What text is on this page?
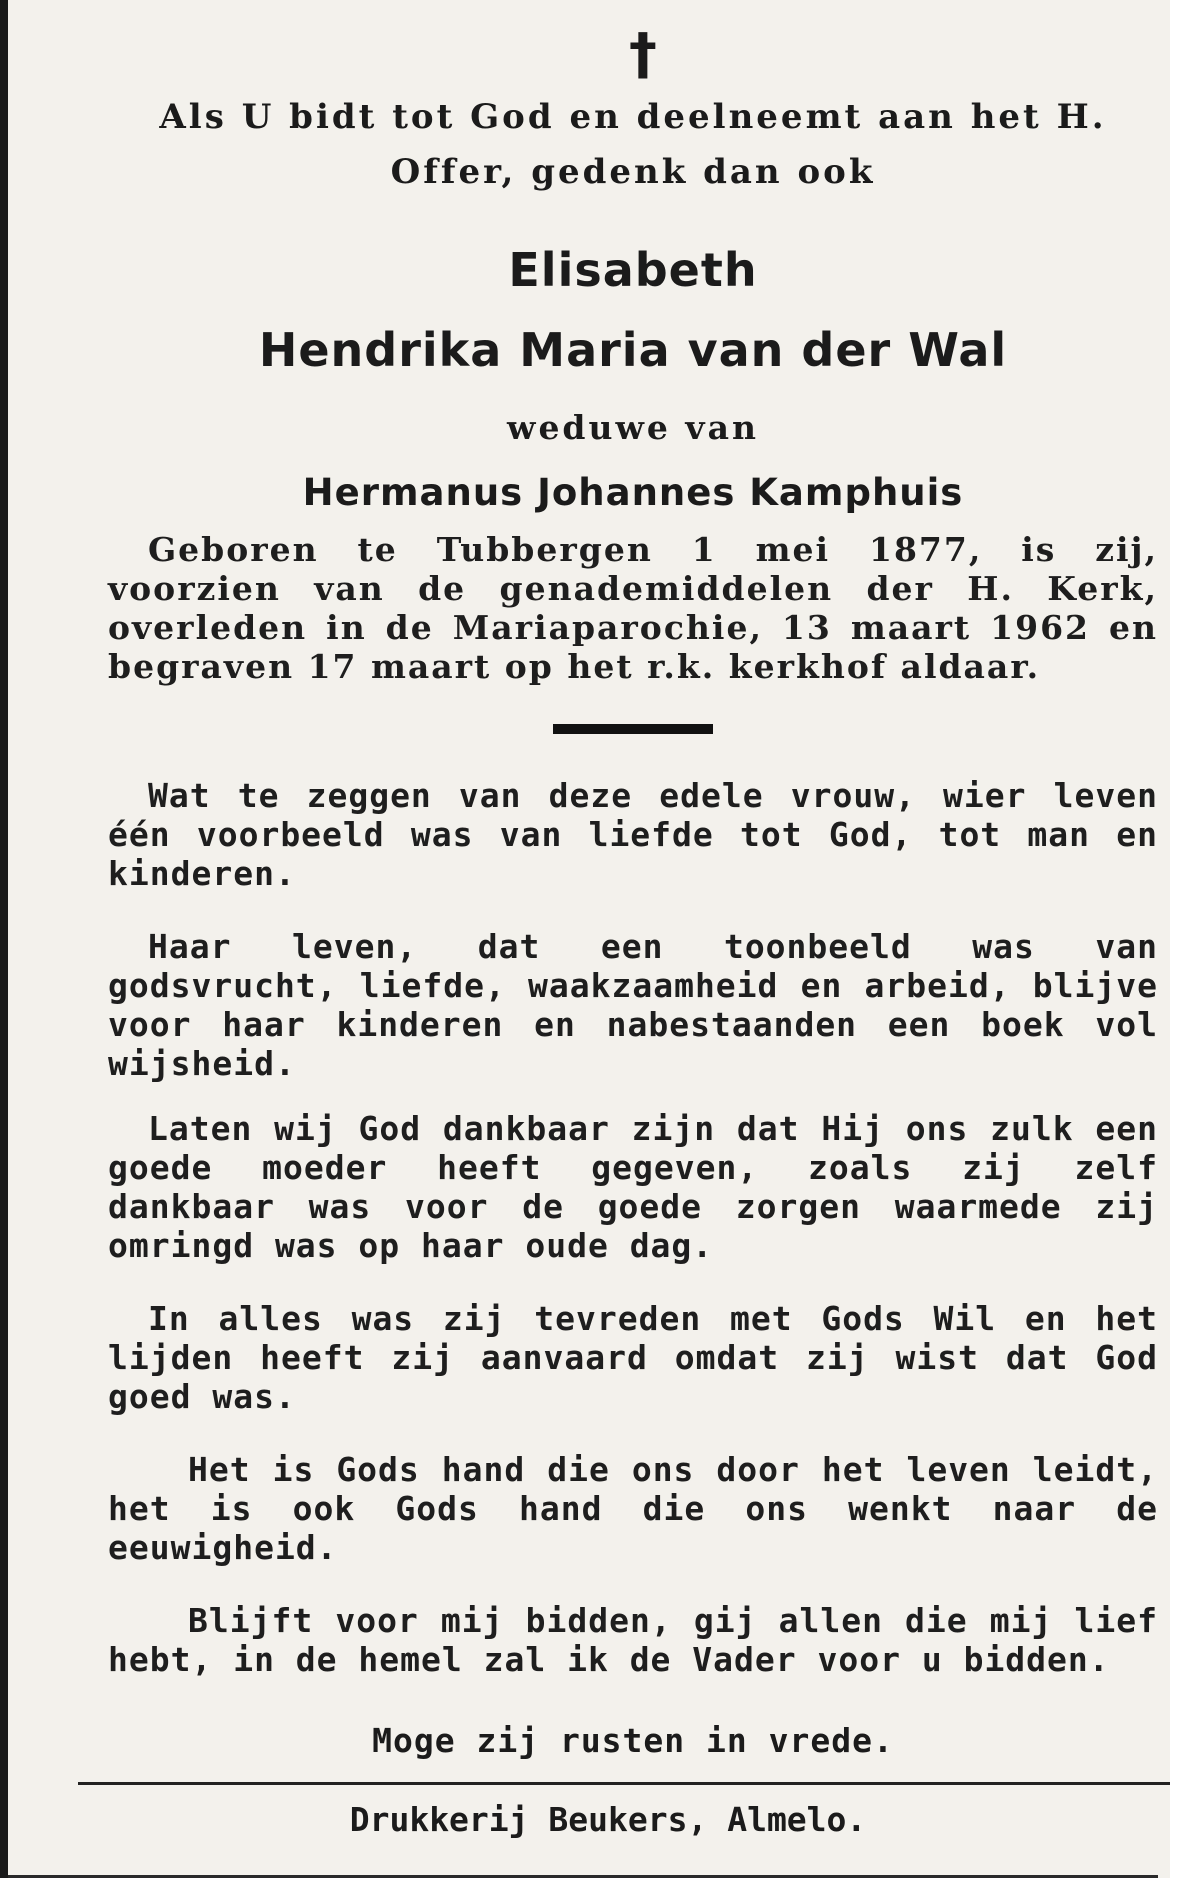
†
Als U bidt tot God en deelneemt aan het H.
Offer, gedenk dan ook
Elisabeth
Hendrika Maria van der Wal
weduwe van
Hermanus Johannes Kamphuis
Geboren te Tubbergen 1 mei 1877, is zij, voorzien van de genademiddelen der H. Kerk, overleden in de Mariaparochie, 13 maart 1962 en begraven 17 maart op het r.k. kerkhof aldaar.
Wat te zeggen van deze edele vrouw, wier leven één voorbeeld was van liefde tot God, tot man en kinderen.
Haar leven, dat een toonbeeld was van godsvrucht, liefde, waakzaamheid en arbeid, blijve voor haar kinderen en nabestaanden een boek vol wijsheid.
Laten wij God dankbaar zijn dat Hij ons zulk een goede moeder heeft gegeven, zoals zij zelf dankbaar was voor de goede zorgen waarmede zij omringd was op haar oude dag.
In alles was zij tevreden met Gods Wil en het lijden heeft zij aanvaard omdat zij wist dat God goed was.
Het is Gods hand die ons door het leven leidt, het is ook Gods hand die ons wenkt naar de eeuwigheid.
Blijft voor mij bidden, gij allen die mij lief hebt, in de hemel zal ik de Vader voor u bidden.
Moge zij rusten in vrede.
Drukkerij Beukers, Almelo.
